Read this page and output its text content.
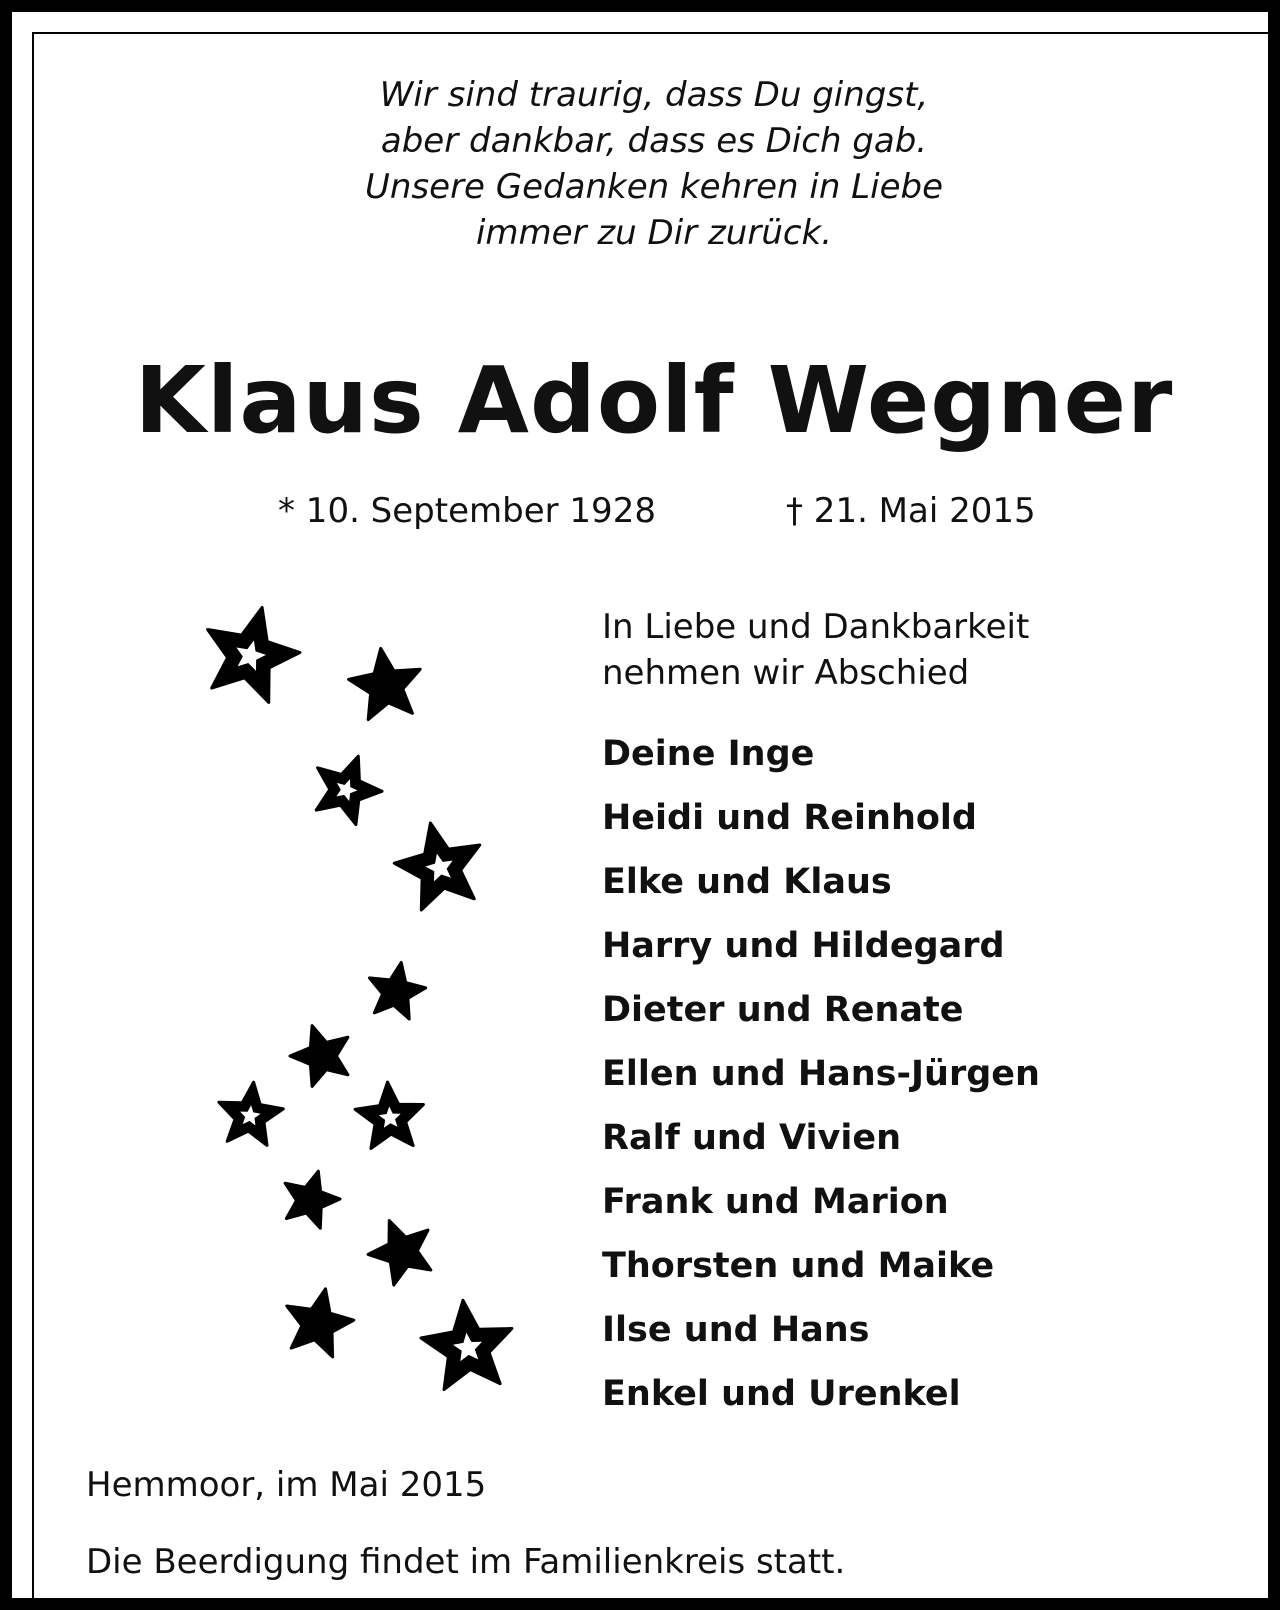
Wir sind traurig, dass Du gingst,
aber dankbar, dass es Dich gab.
Unsere Gedanken kehren in Liebe
immer zu Dir zurück.
Klaus Adolf Wegner
* 10. September 1928	† 21. Mai 2015
In Liebe und Dankbarkeit
nehmen wir Abschied
Deine Inge
Heidi und Reinhold
Elke und Klaus
Harry und Hildegard
Dieter und Renate
Ellen und Hans-Jürgen
Ralf und Vivien
Frank und Marion
Thorsten und Maike
Ilse und Hans
Enkel und Urenkel
Hemmoor, im Mai 2015
Die Beerdigung findet im Familienkreis statt.
